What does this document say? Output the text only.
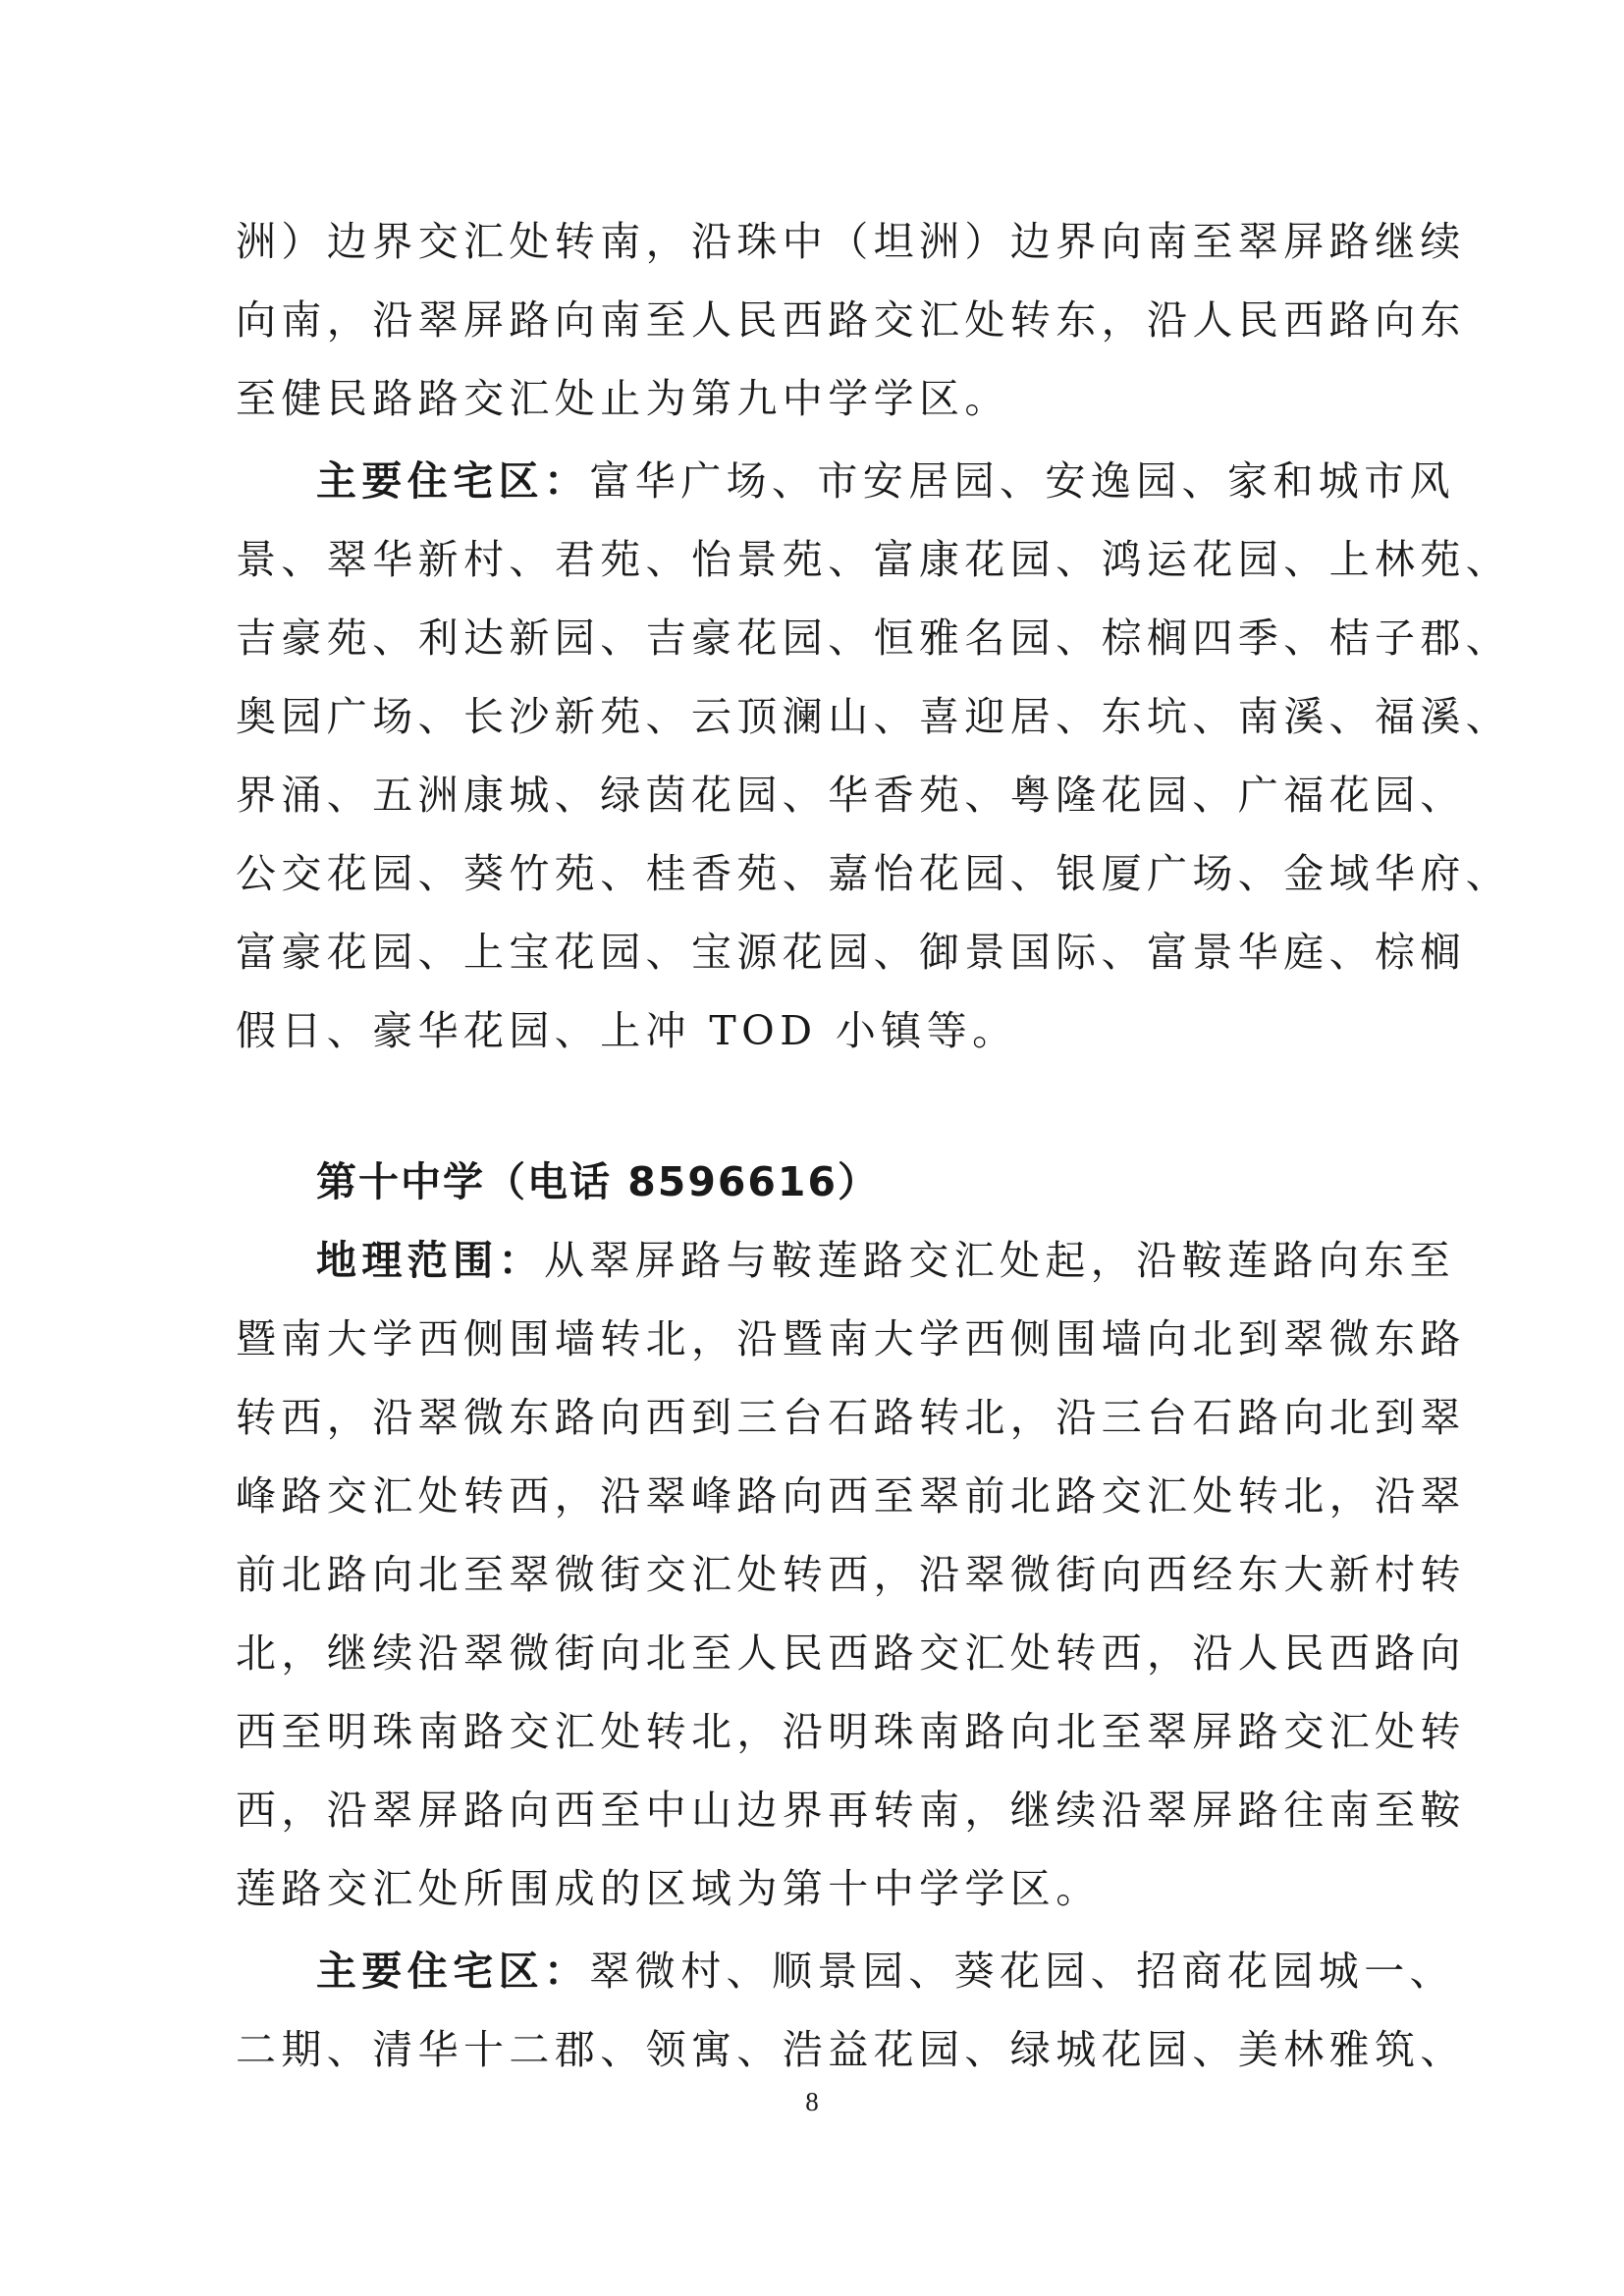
洲）边界交汇处转南，沿珠中（坦洲）边界向南至翠屏路继续
向南，沿翠屏路向南至人民西路交汇处转东，沿人民西路向东
至健民路路交汇处止为第九中学学区。
主要住宅区：富华广场、市安居园、安逸园、家和城市风
景、翠华新村、君苑、怡景苑、富康花园、鸿运花园、上林苑、
吉豪苑、利达新园、吉豪花园、恒雅名园、棕榈四季、桔子郡、
奥园广场、长沙新苑、云顶澜山、喜迎居、东坑、南溪、福溪、
界涌、五洲康城、绿茵花园、华香苑、粤隆花园、广福花园、
公交花园、葵竹苑、桂香苑、嘉怡花园、银厦广场、金域华府、
富豪花园、上宝花园、宝源花园、御景国际、富景华庭、棕榈
假日、豪华花园、上冲 TOD 小镇等。
第十中学（电话 8596616）
地理范围：从翠屏路与鞍莲路交汇处起，沿鞍莲路向东至
暨南大学西侧围墙转北，沿暨南大学西侧围墙向北到翠微东路
转西，沿翠微东路向西到三台石路转北，沿三台石路向北到翠
峰路交汇处转西，沿翠峰路向西至翠前北路交汇处转北，沿翠
前北路向北至翠微街交汇处转西，沿翠微街向西经东大新村转
北，继续沿翠微街向北至人民西路交汇处转西，沿人民西路向
西至明珠南路交汇处转北，沿明珠南路向北至翠屏路交汇处转
西，沿翠屏路向西至中山边界再转南，继续沿翠屏路往南至鞍
莲路交汇处所围成的区域为第十中学学区。
主要住宅区：翠微村、顺景园、葵花园、招商花园城一、
二期、清华十二郡、领寓、浩益花园、绿城花园、美林雅筑、
8
